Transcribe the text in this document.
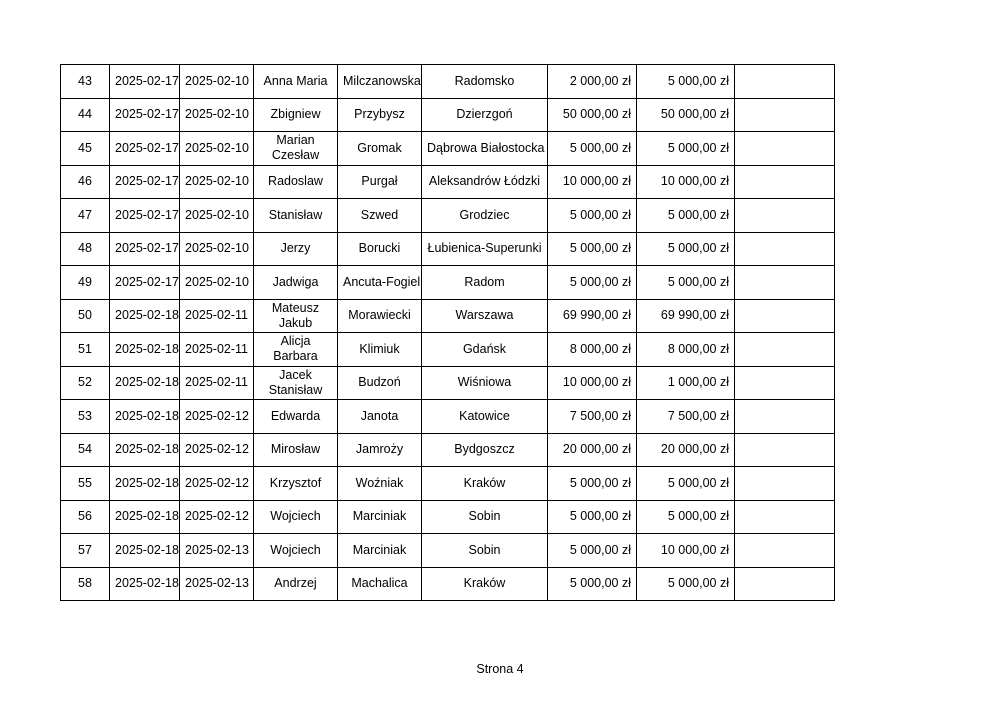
43	2025-02-17	2025-02-10	Anna Maria	Milczanowska	Radomsko	2 000,00 zł	5 000,00 zł	
44	2025-02-17	2025-02-10	Zbigniew	Przybysz	Dzierzgoń	50 000,00 zł	50 000,00 zł	
45	2025-02-17	2025-02-10	Marian Czesław	Gromak	Dąbrowa Białostocka	5 000,00 zł	5 000,00 zł	
46	2025-02-17	2025-02-10	Radoslaw	Purgał	Aleksandrów Łódzki	10 000,00 zł	10 000,00 zł	
47	2025-02-17	2025-02-10	Stanisław	Szwed	Grodziec	5 000,00 zł	5 000,00 zł	
48	2025-02-17	2025-02-10	Jerzy	Borucki	Łubienica-Superunki	5 000,00 zł	5 000,00 zł	
49	2025-02-17	2025-02-10	Jadwiga	Ancuta-Fogiel	Radom	5 000,00 zł	5 000,00 zł	
50	2025-02-18	2025-02-11	Mateusz Jakub	Morawiecki	Warszawa	69 990,00 zł	69 990,00 zł	
51	2025-02-18	2025-02-11	Alicja Barbara	Klimiuk	Gdańsk	8 000,00 zł	8 000,00 zł	
52	2025-02-18	2025-02-11	Jacek Stanisław	Budzoń	Wiśniowa	10 000,00 zł	1 000,00 zł	
53	2025-02-18	2025-02-12	Edwarda	Janota	Katowice	7 500,00 zł	7 500,00 zł	
54	2025-02-18	2025-02-12	Mirosław	Jamroży	Bydgoszcz	20 000,00 zł	20 000,00 zł	
55	2025-02-18	2025-02-12	Krzysztof	Woźniak	Kraków	5 000,00 zł	5 000,00 zł	
56	2025-02-18	2025-02-12	Wojciech	Marciniak	Sobin	5 000,00 zł	5 000,00 zł	
57	2025-02-18	2025-02-13	Wojciech	Marciniak	Sobin	5 000,00 zł	10 000,00 zł	
58	2025-02-18	2025-02-13	Andrzej	Machalica	Kraków	5 000,00 zł	5 000,00 zł	
Strona 4
